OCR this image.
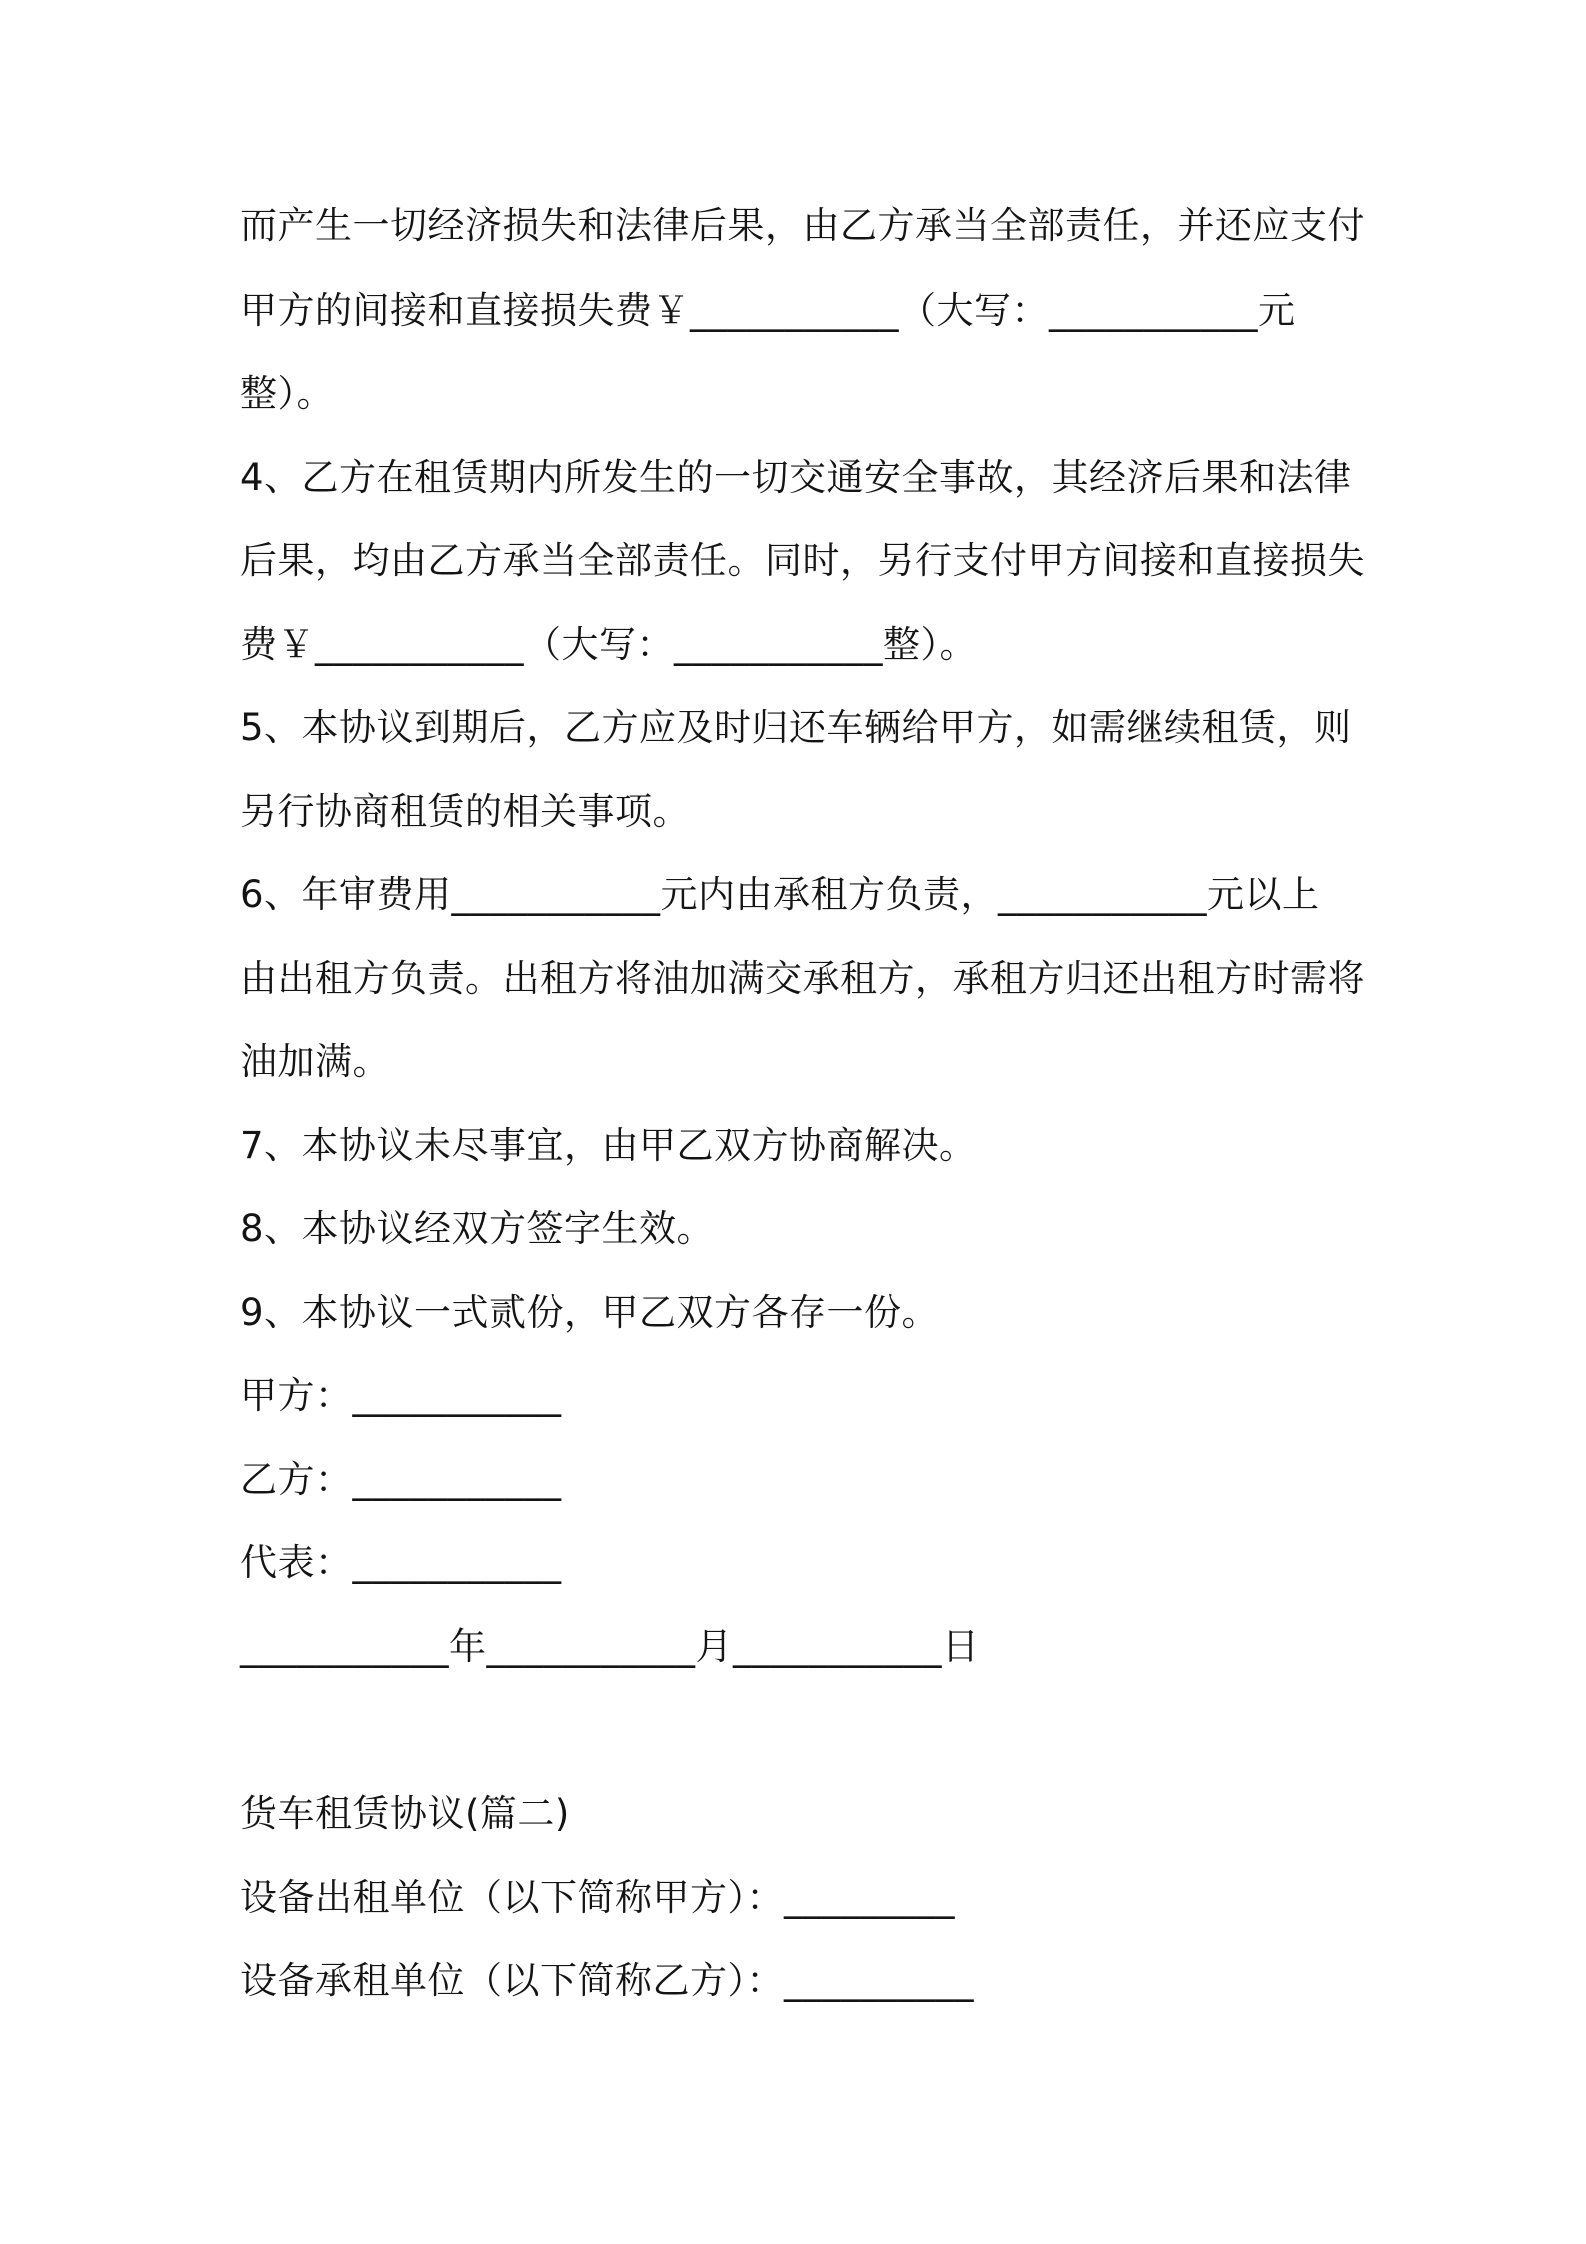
而产生一切经济损失和法律后果，由乙方承当全部责任，并还应支付
甲方的间接和直接损失费￥___________（大写：___________元
整）。
4、乙方在租赁期内所发生的一切交通安全事故，其经济后果和法律
后果，均由乙方承当全部责任。同时，另行支付甲方间接和直接损失
费￥___________（大写：___________整）。
5、本协议到期后，乙方应及时归还车辆给甲方，如需继续租赁，则
另行协商租赁的相关事项。
6、年审费用___________元内由承租方负责，___________元以上
由出租方负责。出租方将油加满交承租方，承租方归还出租方时需将
油加满。
7、本协议未尽事宜，由甲乙双方协商解决。
8、本协议经双方签字生效。
9、本协议一式贰份，甲乙双方各存一份。
甲方：___________
乙方：___________
代表：___________
___________年___________月___________日
货车租赁协议(篇二)
设备出租单位（以下简称甲方）：_________
设备承租单位（以下简称乙方）：__________
